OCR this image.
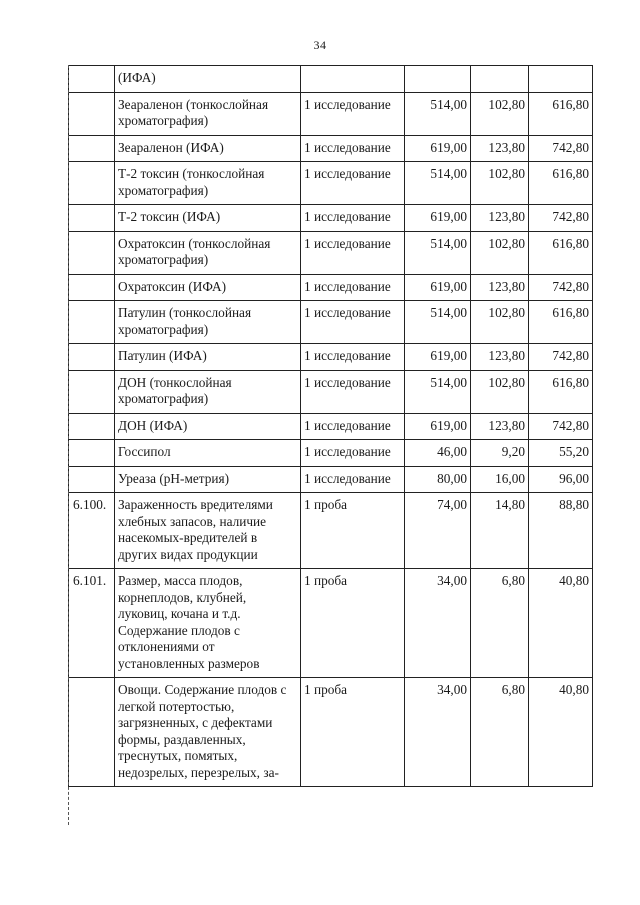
34
	(ИФА)				
	Зеараленон (тонкослойная хроматография)	1 исследование	514,00	102,80	616,80
	Зеараленон (ИФА)	1 исследование	619,00	123,80	742,80
	Т-2 токсин (тонкослойная хроматография)	1 исследование	514,00	102,80	616,80
	Т-2 токсин (ИФА)	1 исследование	619,00	123,80	742,80
	Охратоксин (тонкослойная хроматография)	1 исследование	514,00	102,80	616,80
	Охратоксин (ИФА)	1 исследование	619,00	123,80	742,80
	Патулин (тонкослойная хроматография)	1 исследование	514,00	102,80	616,80
	Патулин (ИФА)	1 исследование	619,00	123,80	742,80
	ДОН (тонкослойная хроматография)	1 исследование	514,00	102,80	616,80
	ДОН (ИФА)	1 исследование	619,00	123,80	742,80
	Госсипол	1 исследование	46,00	9,20	55,20
	Уреаза (рН-метрия)	1 исследование	80,00	16,00	96,00
6.100.	Зараженность вредителями хлебных запасов, наличие насекомых-вредителей в других видах продукции	1 проба	74,00	14,80	88,80
6.101.	Размер, масса плодов, корнеплодов, клубней, луковиц, кочана и т.д. Содержание плодов с отклонениями от установленных размеров	1 проба	34,00	6,80	40,80
	Овощи. Содержание плодов с легкой потертостью, загрязненных, с дефектами формы, раздавленных, треснутых, помятых, недозрелых, перезрелых, за-	1 проба	34,00	6,80	40,80
